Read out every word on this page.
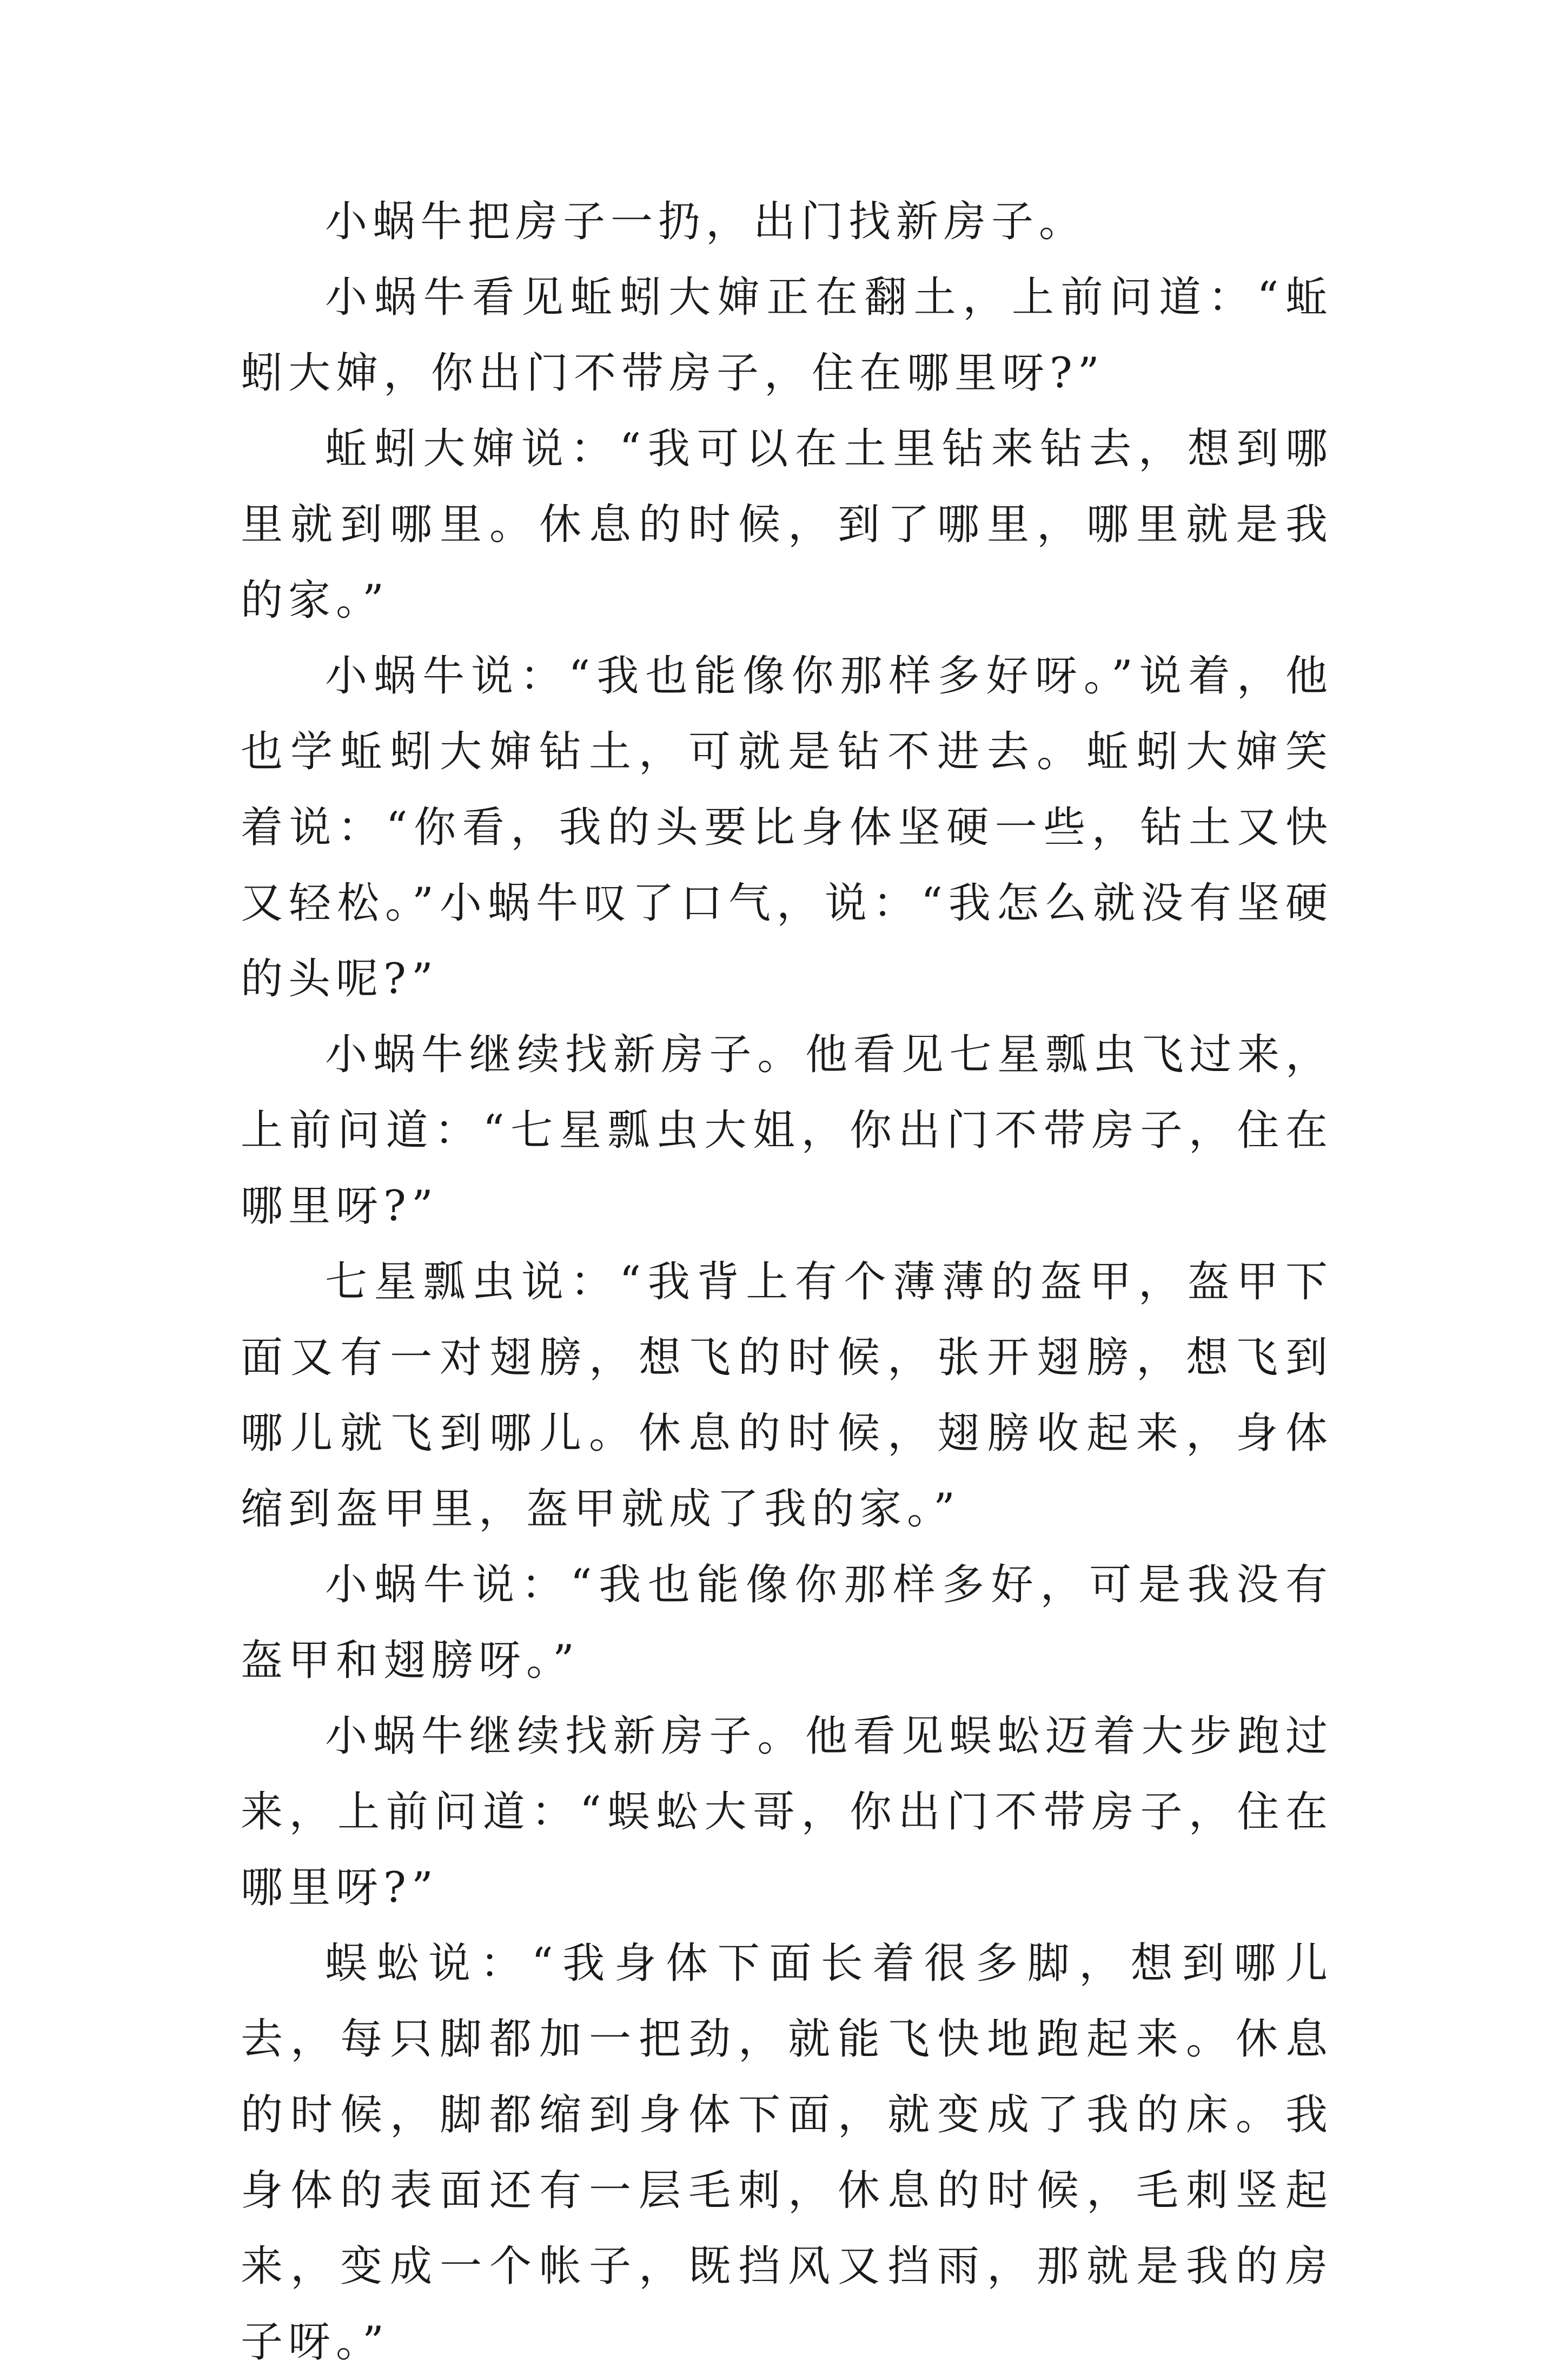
小蜗牛把房子一扔，出门找新房子。

小蜗牛看见蚯蚓大婶正在翻土，上前问道：“蚯蚓大婶，你出门不带房子，住在哪里呀?”

蚯蚓大婶说：“我可以在土里钻来钻去，想到哪里就到哪里。休息的时候，到了哪里，哪里就是我的家。”

小蜗牛说：“我也能像你那样多好呀。”说着，他也学蚯蚓大婶钻土，可就是钻不进去。蚯蚓大婶笑着说：“你看，我的头要比身体坚硬一些，钻土又快又轻松。”小蜗牛叹了口气，说：“我怎么就没有坚硬的头呢?”

小蜗牛继续找新房子。他看见七星瓢虫飞过来，上前问道：“七星瓢虫大姐，你出门不带房子，住在哪里呀?”

七星瓢虫说：“我背上有个薄薄的盔甲，盔甲下面又有一对翅膀，想飞的时候，张开翅膀，想飞到哪儿就飞到哪儿。休息的时候，翅膀收起来，身体缩到盔甲里，盔甲就成了我的家。”

小蜗牛说：“我也能像你那样多好，可是我没有盔甲和翅膀呀。”

小蜗牛继续找新房子。他看见蜈蚣迈着大步跑过来，上前问道：“蜈蚣大哥，你出门不带房子，住在哪里呀?”

蜈蚣说：“我身体下面长着很多脚，想到哪儿去，每只脚都加一把劲，就能飞快地跑起来。休息的时候，脚都缩到身体下面，就变成了我的床。我身体的表面还有一层毛刺，休息的时候，毛刺竖起来，变成一个帐子，既挡风又挡雨，那就是我的房子呀。”
